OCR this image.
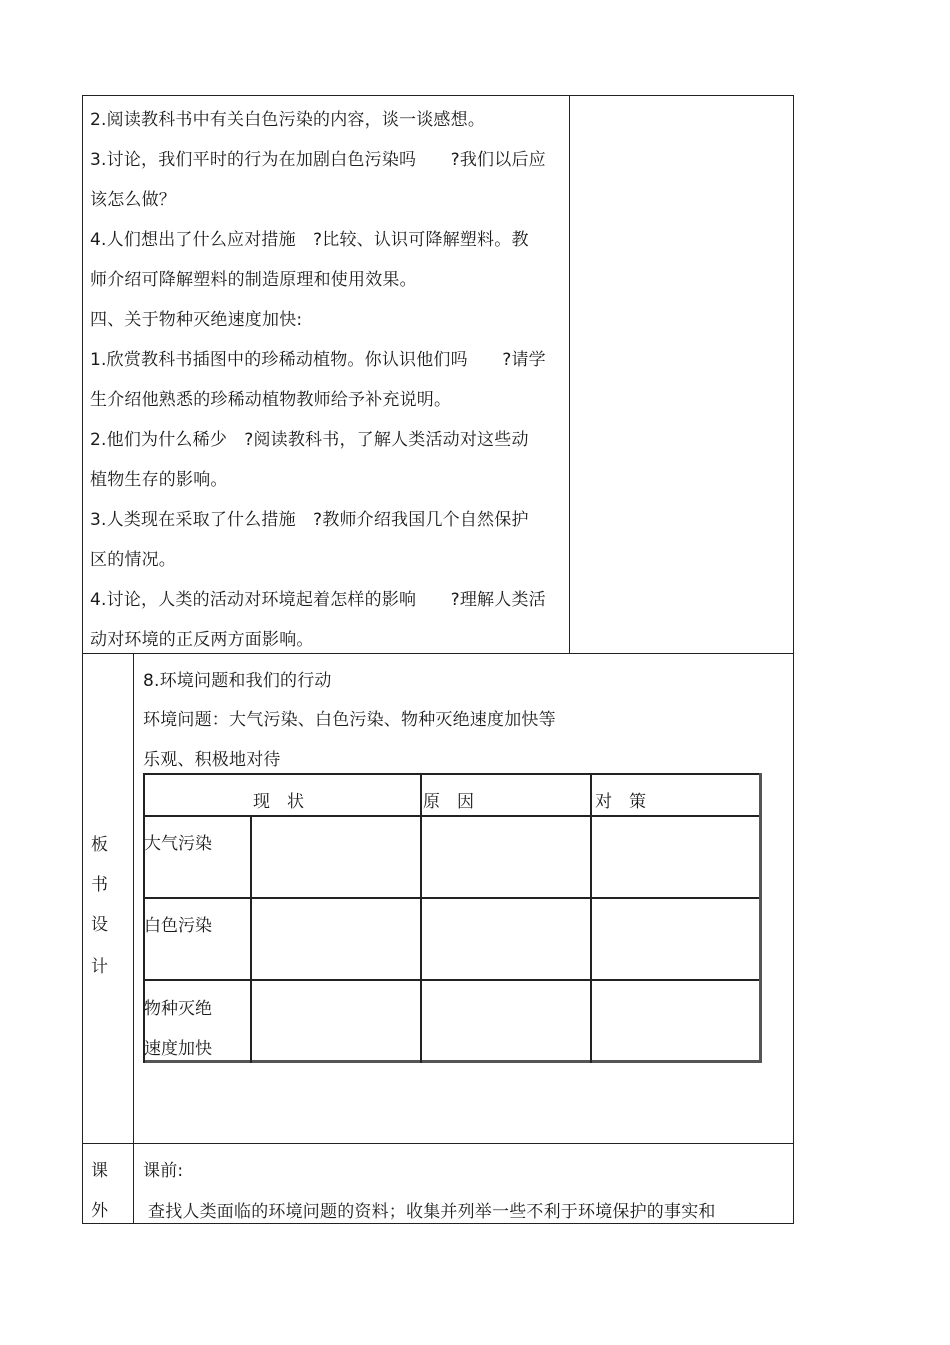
2.阅读教科书中有关白色污染的内容，谈一谈感想。
3.讨论，我们平时的行为在加剧白色污染吗　　?我们以后应
该怎么做？
4.人们想出了什么应对措施　?比较、认识可降解塑料。教
师介绍可降解塑料的制造原理和使用效果。
四、关于物种灭绝速度加快:
1.欣赏教科书插图中的珍稀动植物。你认识他们吗　　?请学
生介绍他熟悉的珍稀动植物教师给予补充说明。
2.他们为什么稀少　?阅读教科书，了解人类活动对这些动
植物生存的影响。
3.人类现在采取了什么措施　?教师介绍我国几个自然保护
区的情况。
4.讨论，人类的活动对环境起着怎样的影响　　?理解人类活
动对环境的正反两方面影响。
板
书
设
计
8.环境问题和我们的行动
环境问题：大气污染、白色污染、物种灭绝速度加快等
乐观、积极地对待
现　状	原　因	对　策
大气污染
白色污染
物种灭绝
速度加快
课
外
课前:
查找人类面临的环境问题的资料；收集并列举一些不利于环境保护的事实和
